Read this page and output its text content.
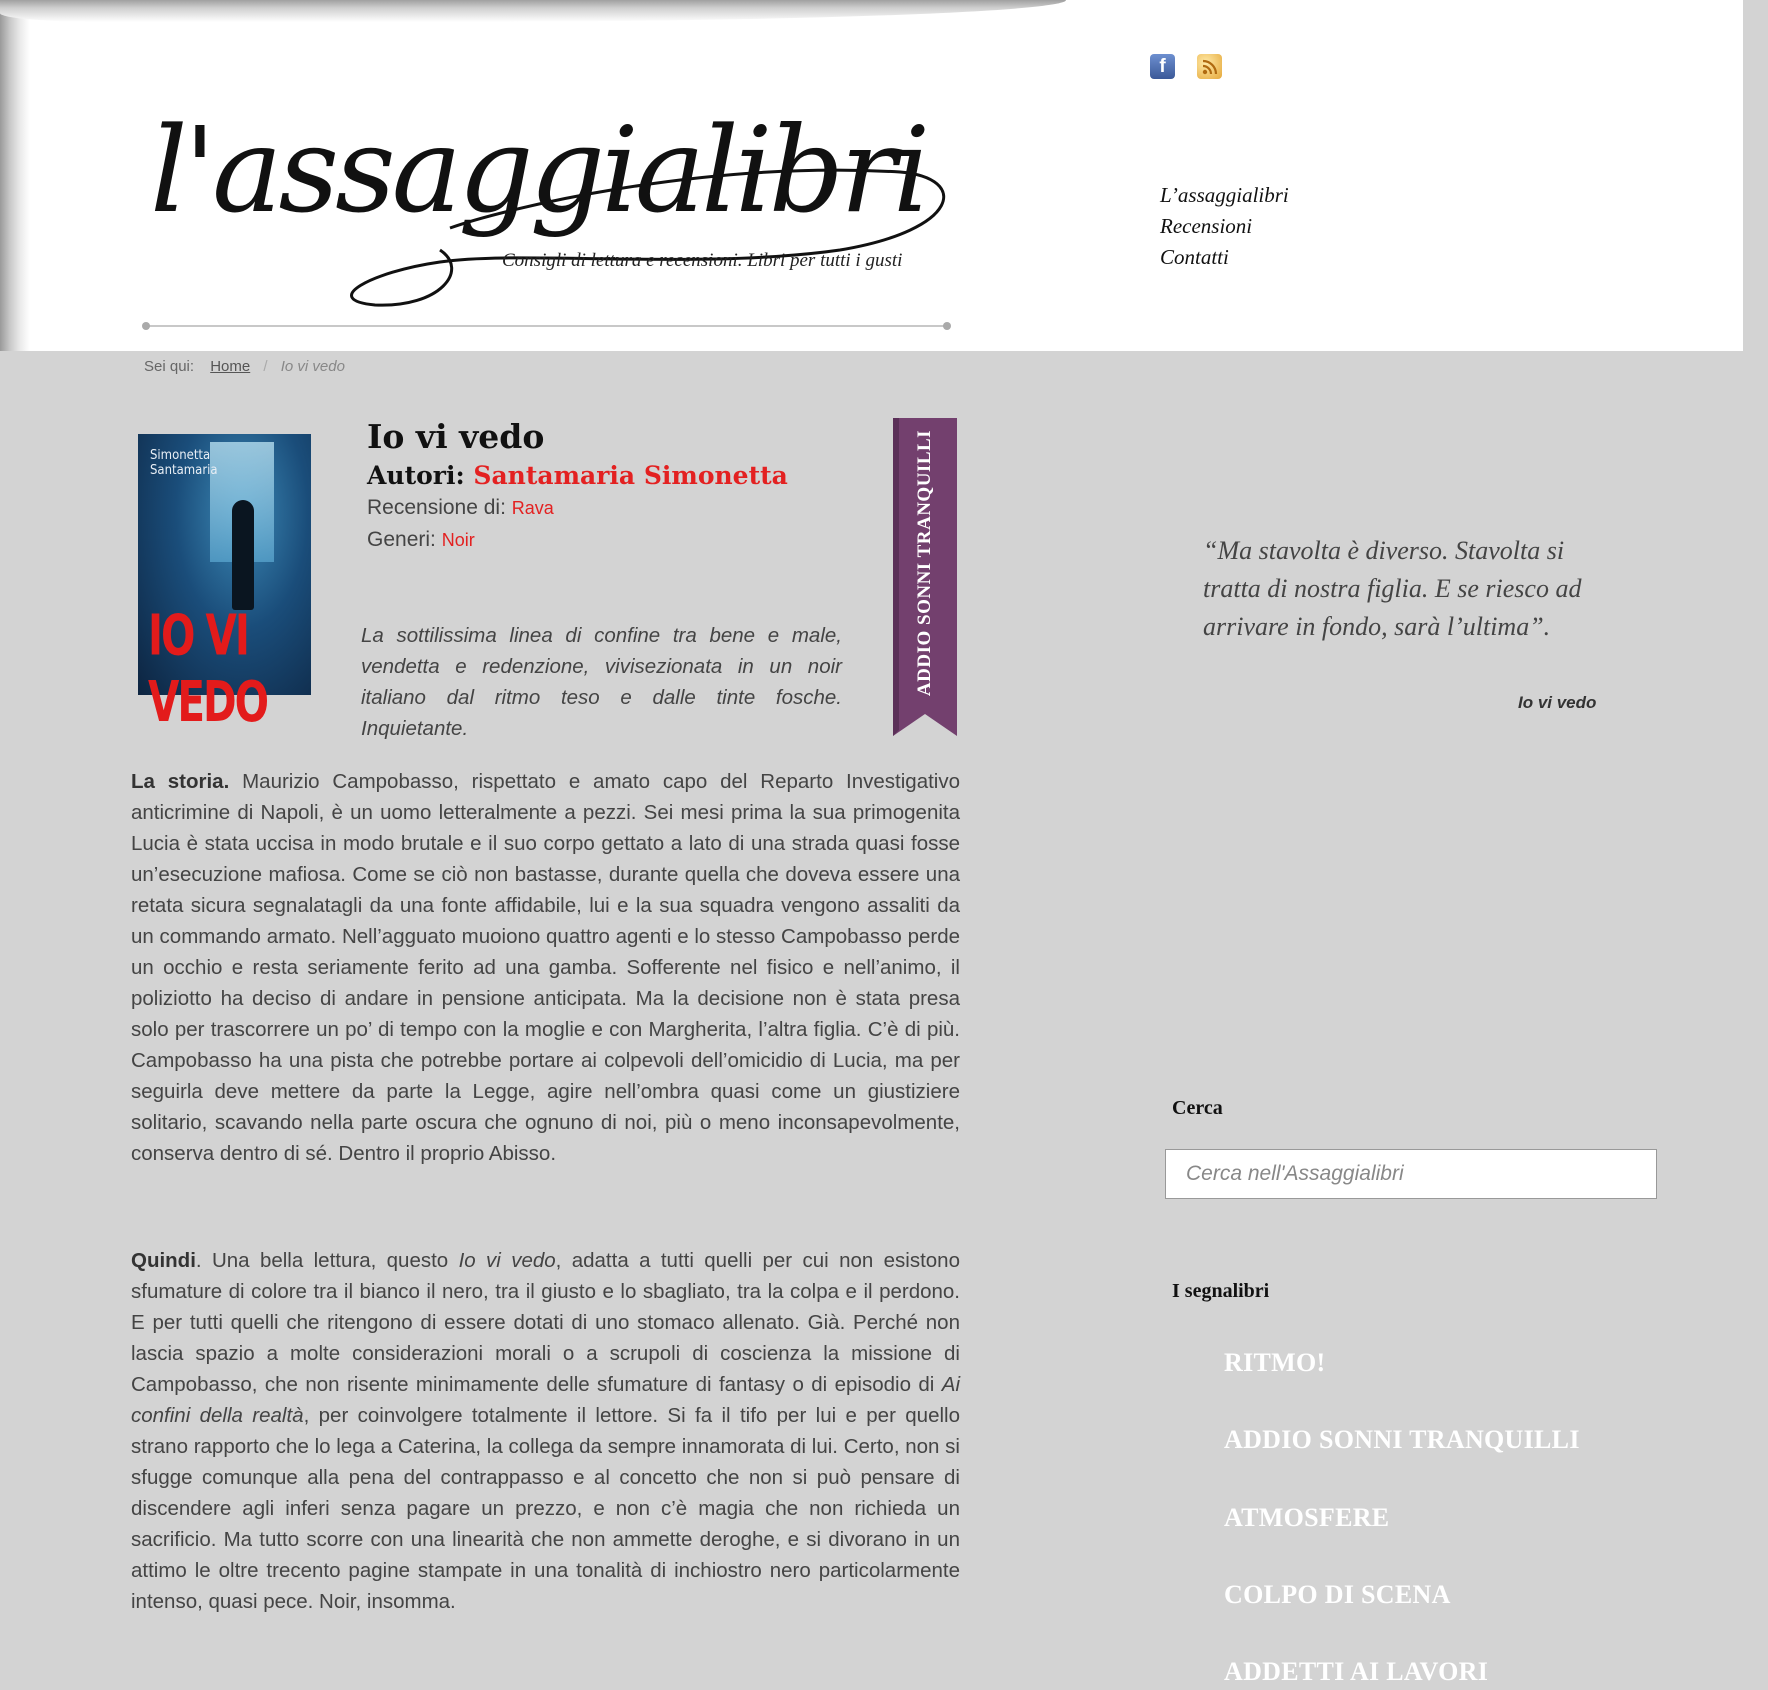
l'assaggialibri
Consigli di lettura e recensioni. Libri per tutti i gusti
f
L’assaggialibri
Recensioni
Contatti
Sei qui: Home / Io vi vedo
Simonetta
Santamaria
IO VI VEDO
Io vi vedo
Autori: Santamaria Simonetta
Recensione di: Rava
Generi: Noir

La sottilissima linea di confine tra bene e male, vendetta e redenzione, vivisezionata in un noir italiano dal ritmo teso e dalle tinte fosche. Inquietante.

ADDIO SONNI TRANQUILLI

La storia. Maurizio Campobasso, rispettato e amato capo del Reparto Investigativo anticrimine di Napoli, è un uomo letteralmente a pezzi. Sei mesi prima la sua primogenita Lucia è stata uccisa in modo brutale e il suo corpo gettato a lato di una strada quasi fosse un’esecuzione mafiosa. Come se ciò non bastasse, durante quella che doveva essere una retata sicura segnalatagli da una fonte affidabile, lui e la sua squadra vengono assaliti da un commando armato. Nell’agguato muoiono quattro agenti e lo stesso Campobasso perde un occhio e resta seriamente ferito ad una gamba. Sofferente nel fisico e nell’animo, il poliziotto ha deciso di andare in pensione anticipata. Ma la decisione non è stata presa solo per trascorrere un po’ di tempo con la moglie e con Margherita, l’altra figlia. C’è di più. Campobasso ha una pista che potrebbe portare ai colpevoli dell’omicidio di Lucia, ma per seguirla deve mettere da parte la Legge, agire nell’ombra quasi come un giustiziere solitario, scavando nella parte oscura che ognuno di noi, più o meno inconsapevolmente, conserva dentro di sé. Dentro il proprio Abisso.

Quindi. Una bella lettura, questo Io vi vedo, adatta a tutti quelli per cui non esistono sfumature di colore tra il bianco il nero, tra il giusto e lo sbagliato, tra la colpa e il perdono. E per tutti quelli che ritengono di essere dotati di uno stomaco allenato. Già. Perché non lascia spazio a molte considerazioni morali o a scrupoli di coscienza la missione di Campobasso, che non risente minimamente delle sfumature di fantasy o di episodio di Ai confini della realtà, per coinvolgere totalmente il lettore. Si fa il tifo per lui e per quello strano rapporto che lo lega a Caterina, la collega da sempre innamorata di lui. Certo, non si sfugge comunque alla pena del contrappasso e al concetto che non si può pensare di discendere agli inferi senza pagare un prezzo, e non c’è magia che non richieda un sacrificio. Ma tutto scorre con una linearità che non ammette deroghe, e si divorano in un attimo le oltre trecento pagine stampate in una tonalità di inchiostro nero particolarmente intenso, quasi pece. Noir, insomma.

“Ma stavolta è diverso. Stavolta si tratta di nostra figlia. E se riesco ad arrivare in fondo, sarà l’ultima”.
Io vi vedo
Cerca
Cerca nell'Assaggialibri
I segnalibri
RITMO!
ADDIO SONNI TRANQUILLI
ATMOSFERE
COLPO DI SCENA
ADDETTI AI LAVORI
